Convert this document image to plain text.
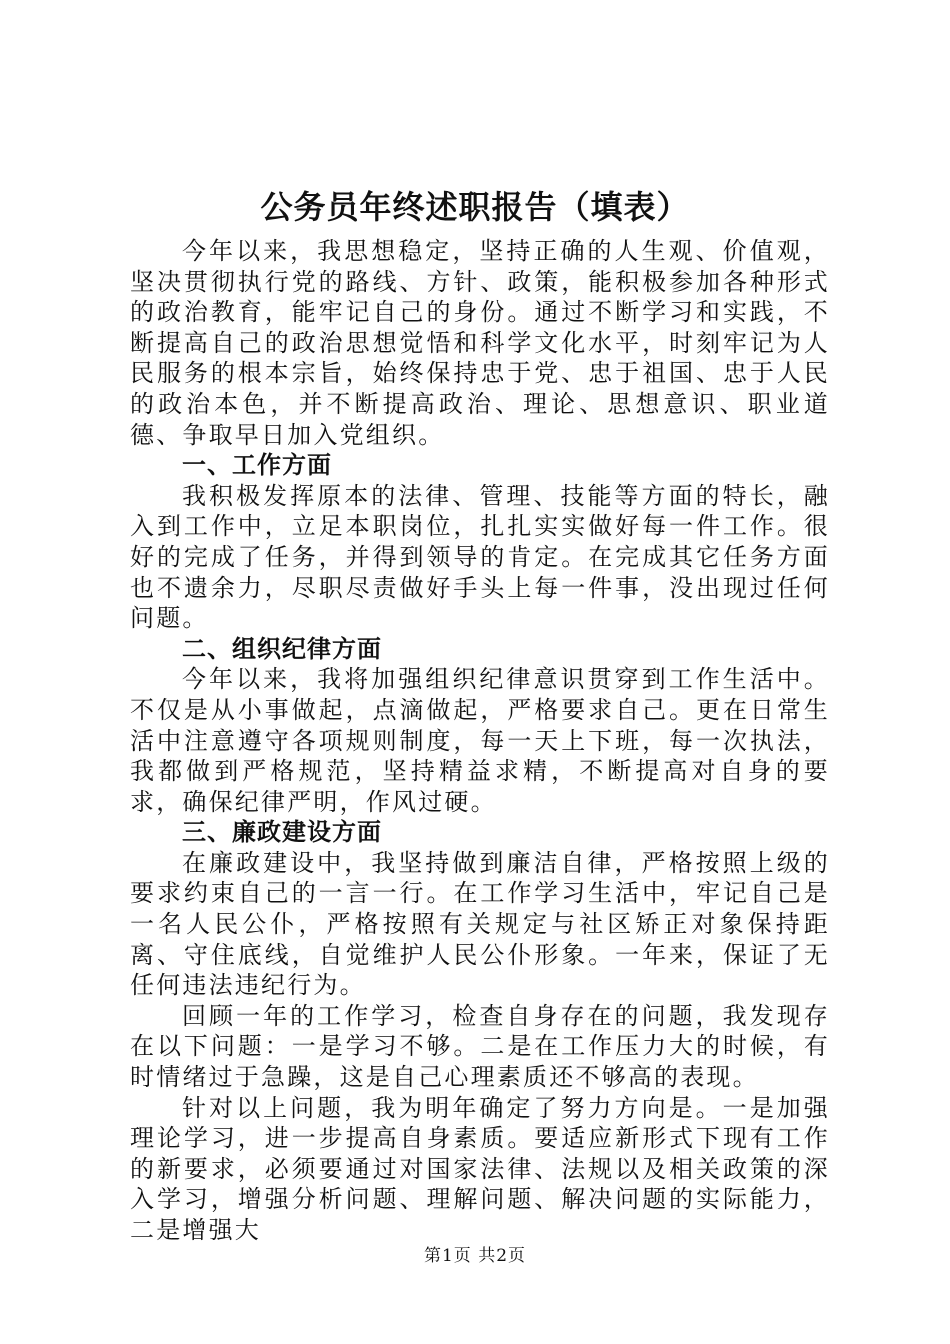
公务员年终述职报告（填表）

今年以来，我思想稳定，坚持正确的人生观、价值观，坚决贯彻执行党的路线、方针、政策，能积极参加各种形式的政治教育，能牢记自己的身份。通过不断学习和实践，不断提高自己的政治思想觉悟和科学文化水平，时刻牢记为人民服务的根本宗旨，始终保持忠于党、忠于祖国、忠于人民的政治本色，并不断提高政治、理论、思想意识、职业道德、争取早日加入党组织。

一、工作方面

我积极发挥原本的法律、管理、技能等方面的特长，融入到工作中，立足本职岗位，扎扎实实做好每一件工作。很好的完成了任务，并得到领导的肯定。在完成其它任务方面也不遗余力，尽职尽责做好手头上每一件事，没出现过任何问题。

二、组织纪律方面

今年以来，我将加强组织纪律意识贯穿到工作生活中。不仅是从小事做起，点滴做起，严格要求自己。更在日常生活中注意遵守各项规则制度，每一天上下班，每一次执法，我都做到严格规范，坚持精益求精，不断提高对自身的要求，确保纪律严明，作风过硬。

三、廉政建设方面

在廉政建设中，我坚持做到廉洁自律，严格按照上级的要求约束自己的一言一行。在工作学习生活中，牢记自己是一名人民公仆，严格按照有关规定与社区矫正对象保持距离、守住底线，自觉维护人民公仆形象。一年来，保证了无任何违法违纪行为。

回顾一年的工作学习，检查自身存在的问题，我发现存在以下问题：一是学习不够。二是在工作压力大的时候，有时情绪过于急躁，这是自己心理素质还不够高的表现。

针对以上问题，我为明年确定了努力方向是。一是加强理论学习，进一步提高自身素质。要适应新形式下现有工作的新要求，必须要通过对国家法律、法规以及相关政策的深入学习，增强分析问题、理解问题、解决问题的实际能力，二是增强大

第1页 共2页
